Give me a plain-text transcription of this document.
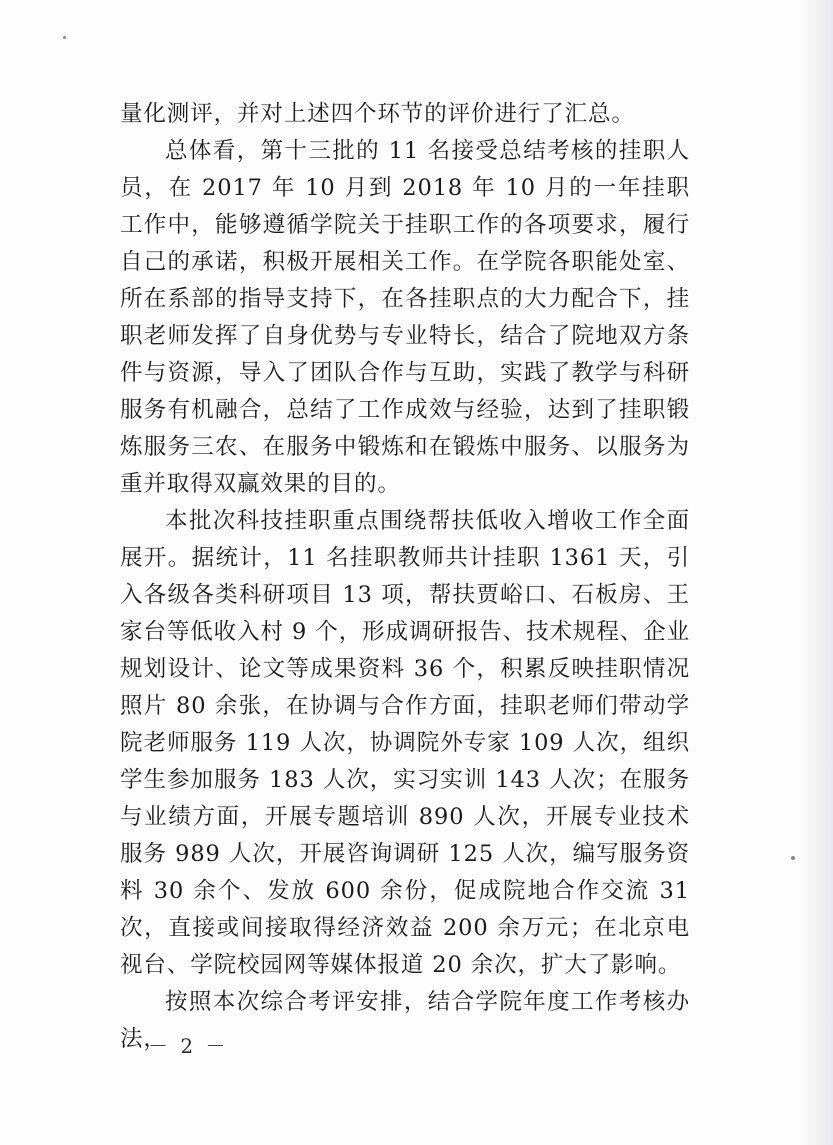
量化测评，并对上述四个环节的评价进行了汇总。

总体看，第十三批的 11 名接受总结考核的挂职人员，在 2017 年 10 月到 2018 年 10 月的一年挂职工作中，能够遵循学院关于挂职工作的各项要求，履行自己的承诺，积极开展相关工作。在学院各职能处室、所在系部的指导支持下，在各挂职点的大力配合下，挂职老师发挥了自身优势与专业特长，结合了院地双方条件与资源，导入了团队合作与互助，实践了教学与科研服务有机融合，总结了工作成效与经验，达到了挂职锻炼服务三农、在服务中锻炼和在锻炼中服务、以服务为重并取得双赢效果的目的。

本批次科技挂职重点围绕帮扶低收入增收工作全面展开。据统计，11 名挂职教师共计挂职 1361 天，引入各级各类科研项目 13 项，帮扶贾峪口、石板房、王家台等低收入村 9 个，形成调研报告、技术规程、企业规划设计、论文等成果资料 36 个，积累反映挂职情况照片 80 余张，在协调与合作方面，挂职老师们带动学院老师服务 119 人次，协调院外专家 109 人次，组织学生参加服务 183 人次，实习实训 143 人次；在服务与业绩方面，开展专题培训 890 人次，开展专业技术服务 989 人次，开展咨询调研 125 人次，编写服务资料 30 余个、发放 600 余份，促成院地合作交流 31 次，直接或间接取得经济效益 200 余万元；在北京电视台、学院校园网等媒体报道 20 余次，扩大了影响。

按照本次综合考评安排，结合学院年度工作考核办法，

－ 2 －
